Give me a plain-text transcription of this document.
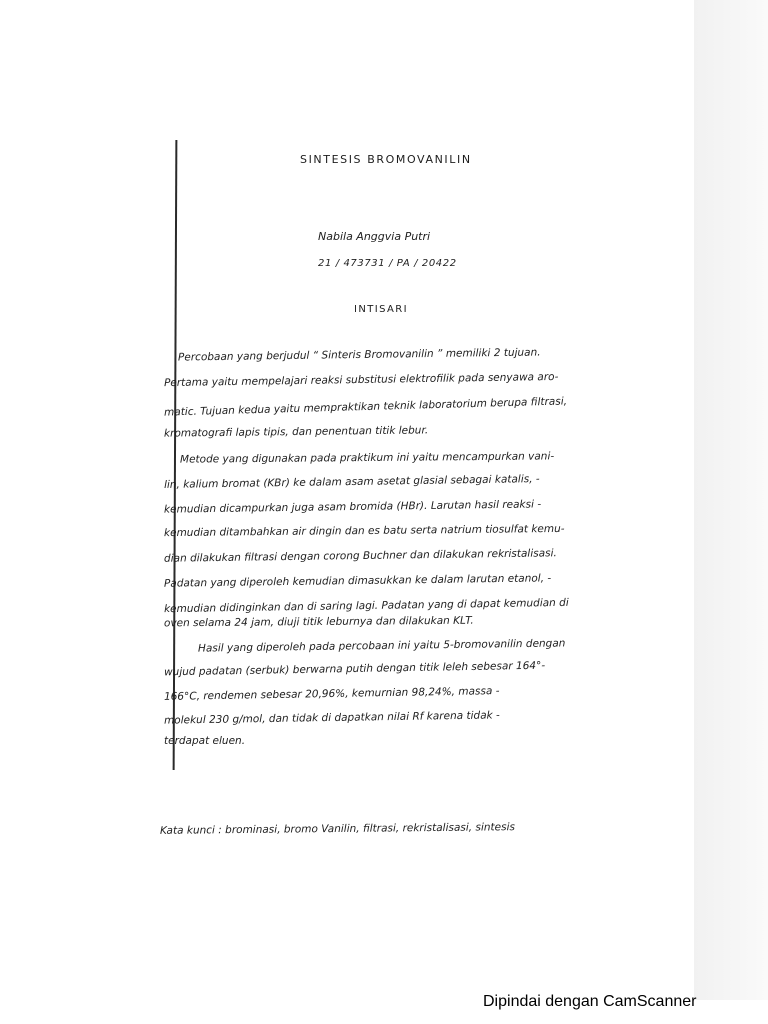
SINTESIS BROMOVANILIN
Nabila Anggvia Putri
21 / 473731 / PA / 20422
INTISARI
Percobaan yang berjudul “ Sinteris Bromovanilin ” memiliki 2 tujuan.
Pertama yaitu mempelajari reaksi substitusi elektrofilik pada senyawa aro-
matic. Tujuan kedua yaitu mempraktikan teknik laboratorium berupa filtrasi,
kromatografi lapis tipis, dan penentuan titik lebur.
Metode yang digunakan pada praktikum ini yaitu mencampurkan vani-
lin, kalium bromat (KBr) ke dalam asam asetat glasial sebagai katalis, -
kemudian dicampurkan juga asam bromida (HBr). Larutan hasil reaksi -
kemudian ditambahkan air dingin dan es batu serta natrium tiosulfat kemu-
dian dilakukan filtrasi dengan corong Buchner dan dilakukan rekristalisasi.
Padatan yang diperoleh kemudian dimasukkan ke dalam larutan etanol, -
kemudian didinginkan dan di saring lagi. Padatan yang di dapat kemudian di
oven selama 24 jam, diuji titik leburnya dan dilakukan KLT.
Hasil yang diperoleh pada percobaan ini yaitu 5-bromovanilin dengan
wujud padatan (serbuk) berwarna putih dengan titik leleh sebesar 164°-
166°C, rendemen sebesar 20,96%, kemurnian 98,24%, massa -
molekul 230 g/mol, dan tidak di dapatkan nilai Rf karena tidak -
terdapat eluen.
Kata kunci : brominasi, bromo Vanilin, filtrasi, rekristalisasi, sintesis
Dipindai dengan CamScanner
